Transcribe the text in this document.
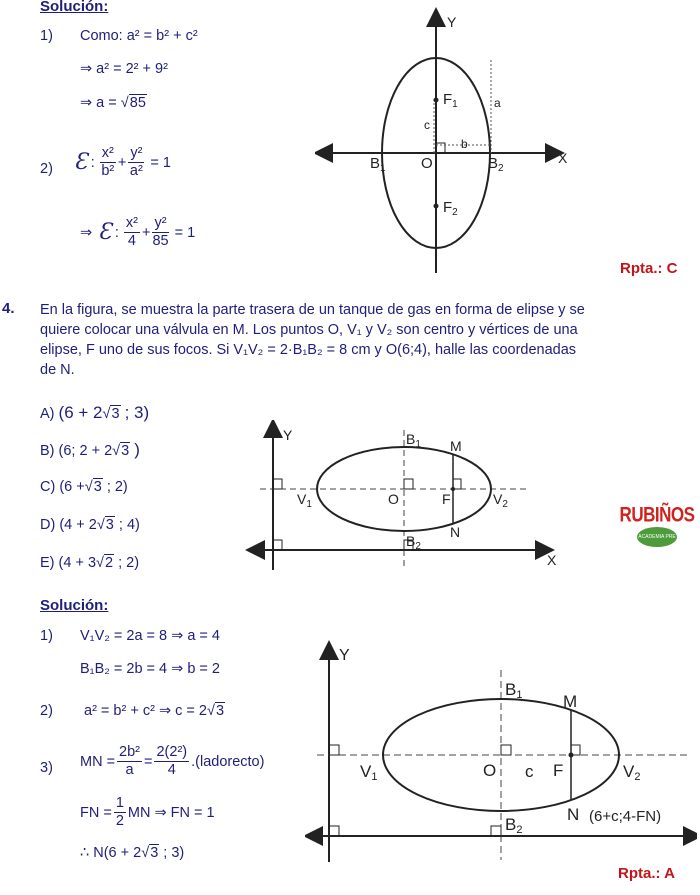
Solución:
1) Como: a² = b² + c²
⇒ a² = 2² + 9²
⇒ a = √85
2) Ɛ : $\frac{\text{x²}}{\text{b²}} + \frac{\text{y²}}{\text{a²}} = 1$
⇒ Ɛ : $\frac{\text{x²}}{4} + \frac{\text{y²}}{85} = 1$
Rpta.: C
Y
X
$B_1$	$B_2$
O
$F_1$
$F_2$
a
b
c
4. En la figura, se muestra la parte trasera de un tanque de gas en forma de elipse y se
quiere colocar una válvula en M. Los puntos O, V₁ y V₂ son centro y vértices de una
elipse, F uno de sus focos. Si V₁V₂ = 2·B₁B₂ = 8 cm y O(6;4), halle las coordenadas
de N.
A) (6 + 2√3 ; 3)
B) (6; 2 + 2√3 )
C) (6 +√3 ; 2)
D) (4 + 2√3 ; 4)
E) (4 + 3√2 ; 2)
Y
X
$B_1$
$B_2$
M
N
O	F
$V_1$	$V_2$	RUBIÑOS
ACADEMIA PRE
Solución:
1) V₁V₂ = 2a = 8 ⇒ a = 4
B₁B₂ = 2b = 4 ⇒ b = 2
2) a² = b² + c² ⇒ c = 2√3
3) MN = $\frac{\text{2b²}}{a} = \frac{\text{2(2²)}}{4}$ .(ladorecto)
FN = $\frac{1}{2}$ MN ⇒ FN = 1
∴ N(6 + 2√3 ; 3)
Rpta.: A
Y
B1
B2
M
N
O c F
V1	V2
(6+c;4-FN)
